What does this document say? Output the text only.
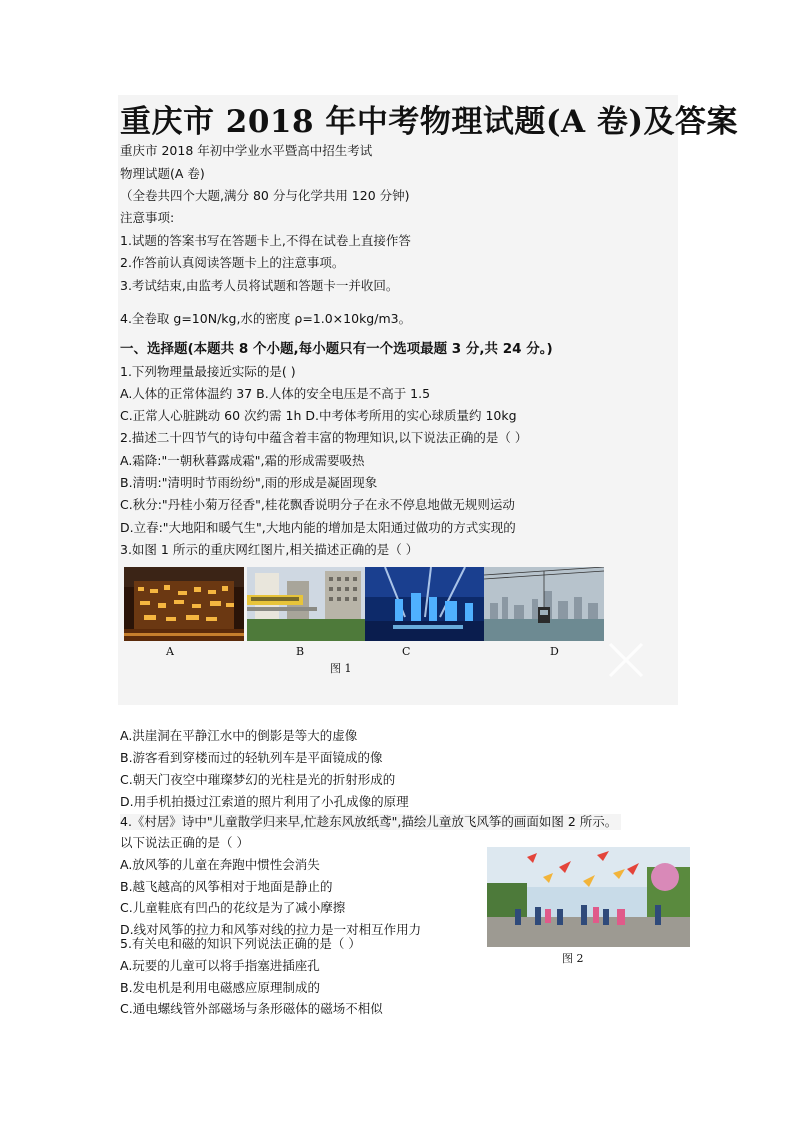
重庆市 2018 年中考物理试题(A 卷)及答案
重庆市 2018 年初中学业水平暨高中招生考试
物理试题(A 卷)
（全卷共四个大题,满分 80 分与化学共用 120 分钟)
注意事项:
1.试题的答案书写在答题卡上,不得在试卷上直接作答
2.作答前认真阅读答题卡上的注意事项。
3.考试结束,由监考人员将试题和答题卡一并收回。
4.全卷取 g=10N/kg,水的密度 ρ=1.0×10kg/m3。
一、选择题(本题共 8 个小题,每小题只有一个选项最题 3 分,共 24 分。)
1.下列物理量最接近实际的是( )
A.人体的正常体温约 37 B.人体的安全电压是不高于 1.5
C.正常人心脏跳动 60 次约需 1h D.中考体考所用的实心球质量约 10kg
2.描述二十四节气的诗句中蕴含着丰富的物理知识,以下说法正确的是（ ）
A.霜降:"一朝秋暮露成霜",霜的形成需要吸热
B.清明:"清明时节雨纷纷",雨的形成是凝固现象
C.秋分:"丹桂小菊万径香",桂花飘香说明分子在永不停息地做无规则运动
D.立春:"大地阳和暖气生",大地内能的增加是太阳通过做功的方式实现的
3.如图 1 所示的重庆网红图片,相关描述正确的是（ ）
A	B	C	D
图 1
A.洪崖洞在平静江水中的倒影是等大的虚像
B.游客看到穿楼而过的轻轨列车是平面镜成的像
C.朝天门夜空中璀璨梦幻的光柱是光的折射形成的
D.用手机拍摄过江索道的照片利用了小孔成像的原理
4.《村居》诗中"儿童散学归来早,忙趁东风放纸鸢",描绘儿童放飞风筝的画面如图 2 所示。
以下说法正确的是（ ）
A.放风筝的儿童在奔跑中惯性会消失
B.越飞越高的风筝相对于地面是静止的
C.儿童鞋底有凹凸的花纹是为了减小摩擦
D.线对风筝的拉力和风筝对线的拉力是一对相互作用力
图 2
5.有关电和磁的知识下列说法正确的是（ ）
A.玩要的儿童可以将手指塞进插座孔
B.发电机是利用电磁感应原理制成的
C.通电螺线管外部磁场与条形磁体的磁场不相似
